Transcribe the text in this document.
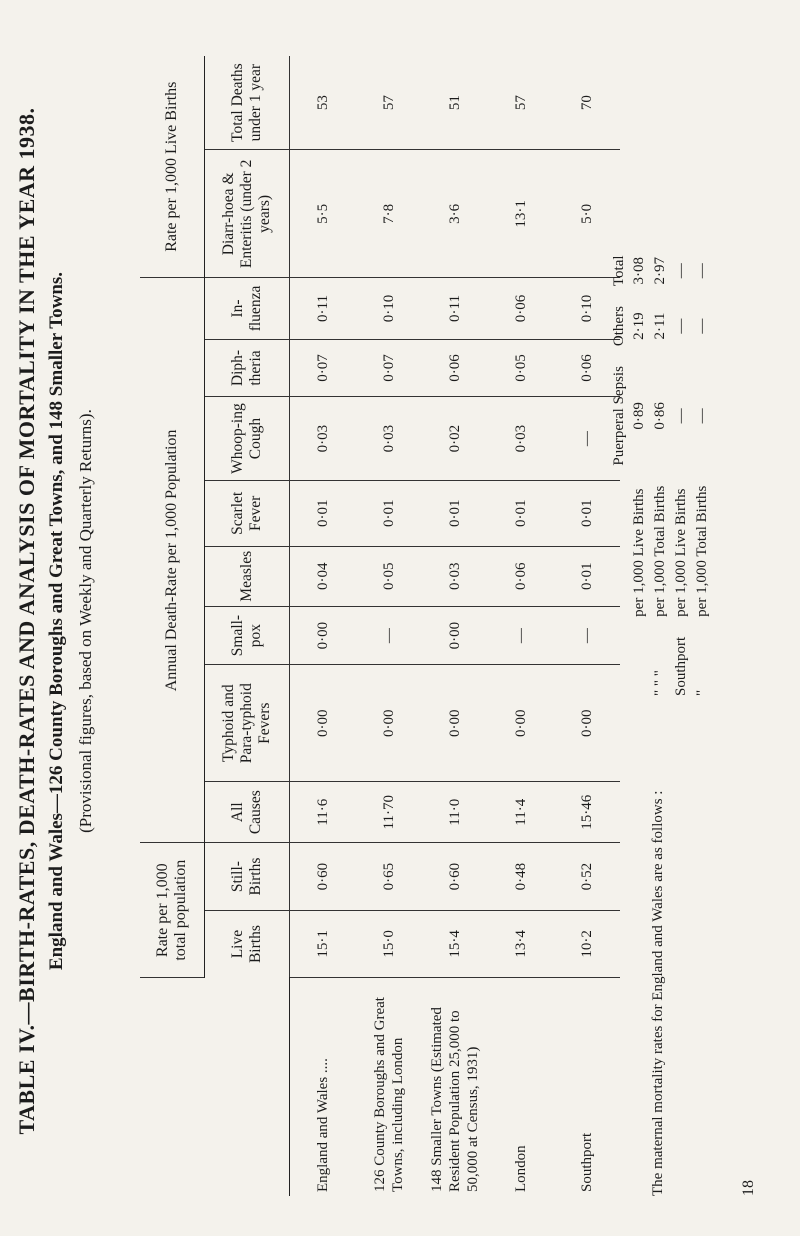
TABLE IV.—BIRTH-RATES, DEATH-RATES AND ANALYSIS OF MORTALITY IN THE YEAR 1938. England and Wales—126 County Boroughs and Great Towns, and 148 Smaller Towns. (Provisional figures, based on Weekly and Quarterly Returns).
	Rate per 1,000 total population		Annual Death-Rate per 1,000 Population								Rate per 1,000 Live Births	
	Live Births	Still-Births	All Causes	Typhoid and Para-typhoid Fevers	Small-pox	Measles	Scarlet Fever	Whoop-ing Cough	Diph-theria	In-fluenza	Diarr-hoea & Enteritis (under 2 years)	Total Deaths under 1 year
England and Wales ....	15·1	0·60	11·6	0·00	0·00	0·04	0·01	0·03	0·07	0·11	5·5	53
126 County Boroughs and Great Towns, including London	15·0	0·65	11·70	0·00	—	0·05	0·01	0·03	0·07	0·10	7·8	57
148 Smaller Towns (Estimated Resident Population 25,000 to 50,000 at Census, 1931)	15·4	0·60	11·0	0·00	0·00	0·03	0·01	0·02	0·06	0·11	3·6	51
London	13·4	0·48	11·4	0·00	—	0·06	0·01	0·03	0·05	0·06	13·1	57
Southport	10·2	0·52	15·46	0·00	—	0·01	0·01	—	0·06	0·10	5·0	70
The maternal mortality rates for England and Wales are as follows :
		Puerperal Sepsis	Others	Total
	per 1,000 Live Births	0·89	2·19	3·08
" " "	per 1,000 Total Births	0·86	2·11	2·97
Southport	per 1,000 Live Births	—	—	—
"	per 1,000 Total Births	—	—	—
18
